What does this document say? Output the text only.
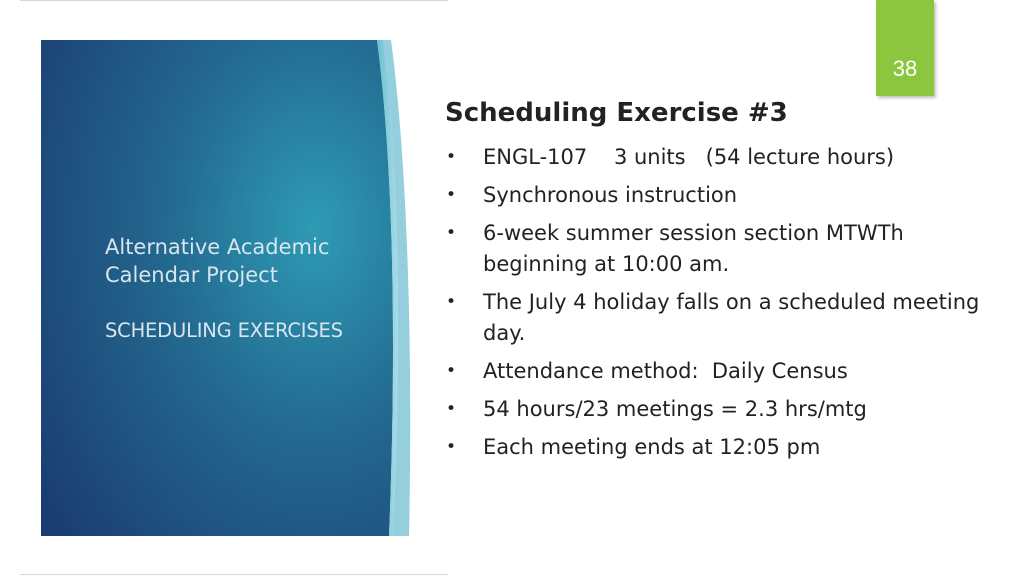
Alternative Academic Calendar Project
SCHEDULING EXERCISES
38
Scheduling Exercise #3
• ENGL-107    3 units   (54 lecture hours)
• Synchronous instruction
• 6-week summer session section MTWTh beginning at 10:00 am.
• The July 4 holiday falls on a scheduled meeting day.
• Attendance method:  Daily Census
• 54 hours/23 meetings = 2.3 hrs/mtg
• Each meeting ends at 12:05 pm
